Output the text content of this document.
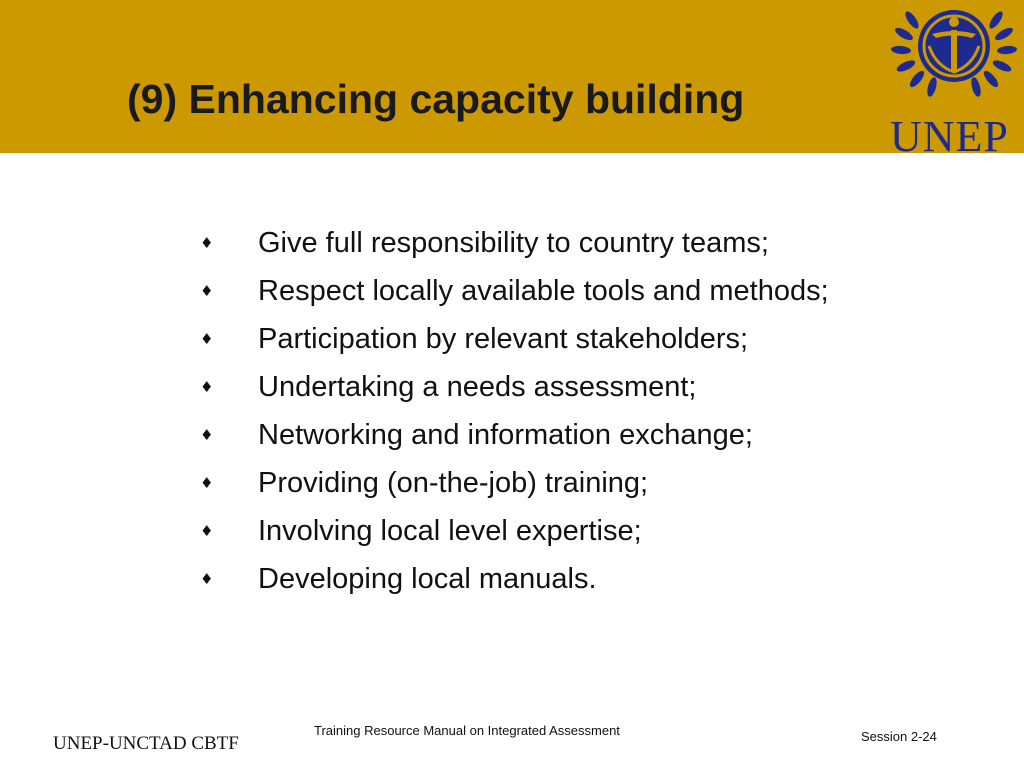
(9) Enhancing capacity building
UNEP
♦	Give full responsibility to country teams;
♦	Respect locally available tools and methods;
♦	Participation by relevant stakeholders;
♦	Undertaking a needs assessment;
♦	Networking and information exchange;
♦	Providing (on-the-job) training;
♦	Involving local level expertise;
♦	Developing local manuals.
UNEP-UNCTAD CBTF
Training Resource Manual on Integrated Assessment	Session 2-24
